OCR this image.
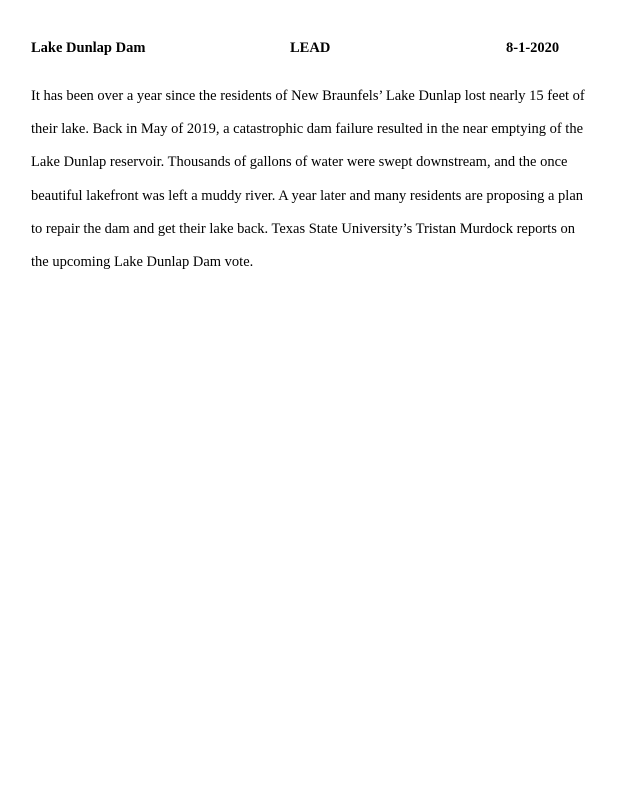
Lake Dunlap Dam	LEAD	8-1-2020
It has been over a year since the residents of New Braunfels’ Lake Dunlap lost nearly 15 feet of
their lake. Back in May of 2019, a catastrophic dam failure resulted in the near emptying of the
Lake Dunlap reservoir. Thousands of gallons of water were swept downstream, and the once
beautiful lakefront was left a muddy river. A year later and many residents are proposing a plan
to repair the dam and get their lake back. Texas State University’s Tristan Murdock reports on
the upcoming Lake Dunlap Dam vote.
